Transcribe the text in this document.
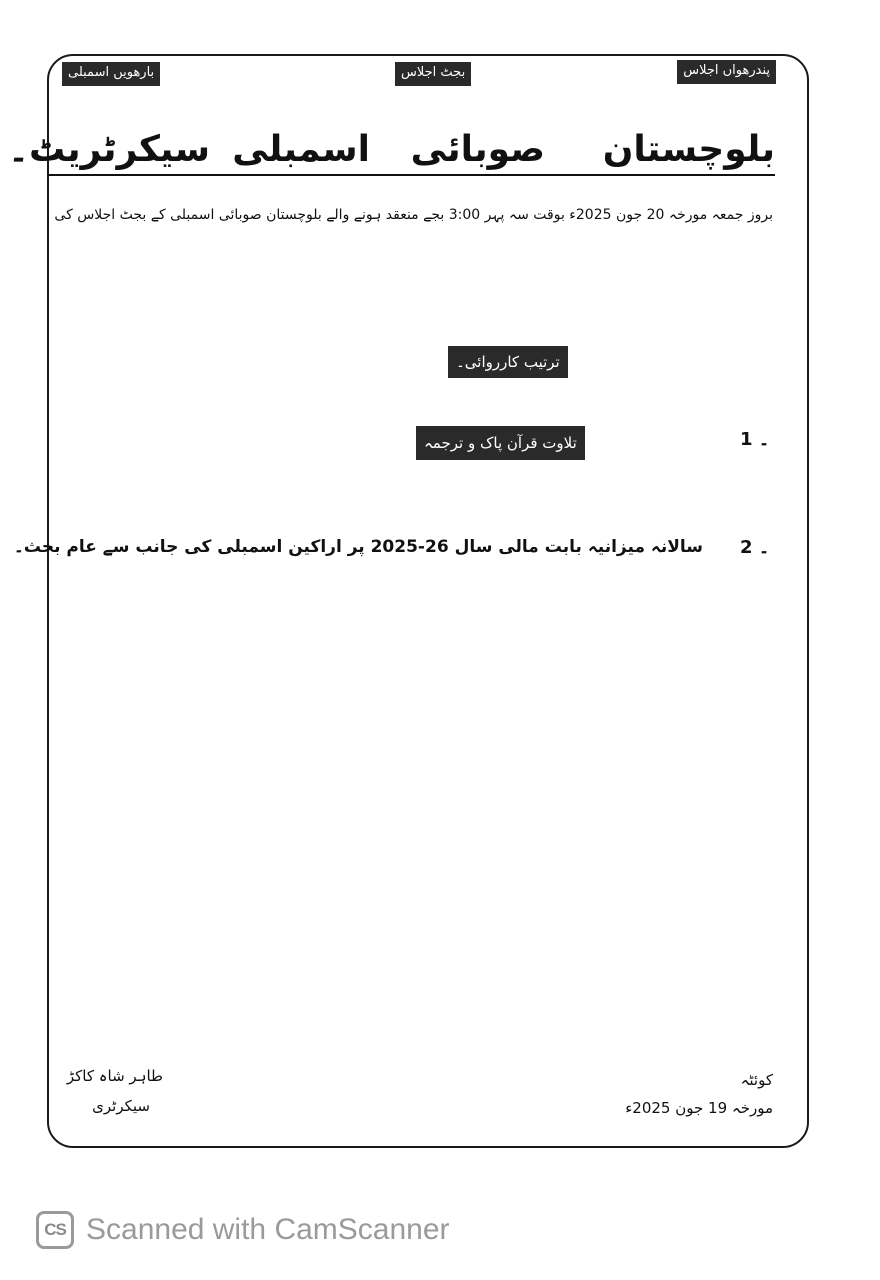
پندرھواں اجلاس
بجٹ اجلاس
بارھویں اسمبلی
بلوچستان
صوبائی
اسمبلی
سیکرٹریٹ۔
بروز جمعہ مورخہ 20 جون 2025ء بوقت سہ پہر 3:00 بجے منعقد ہونے والے بلوچستان صوبائی اسمبلی کے بجٹ اجلاس کی
ترتیب کارروائی۔
1 ۔
تلاوت قرآن پاک و ترجمہ
2 ۔
سالانہ میزانیہ بابت مالی سال 26-2025 پر اراکین اسمبلی کی جانب سے عام بحث۔
طاہر شاہ کاکڑ
سیکرٹری
کوئٹہ
مورخہ 19 جون 2025ء
CS Scanned with CamScanner
